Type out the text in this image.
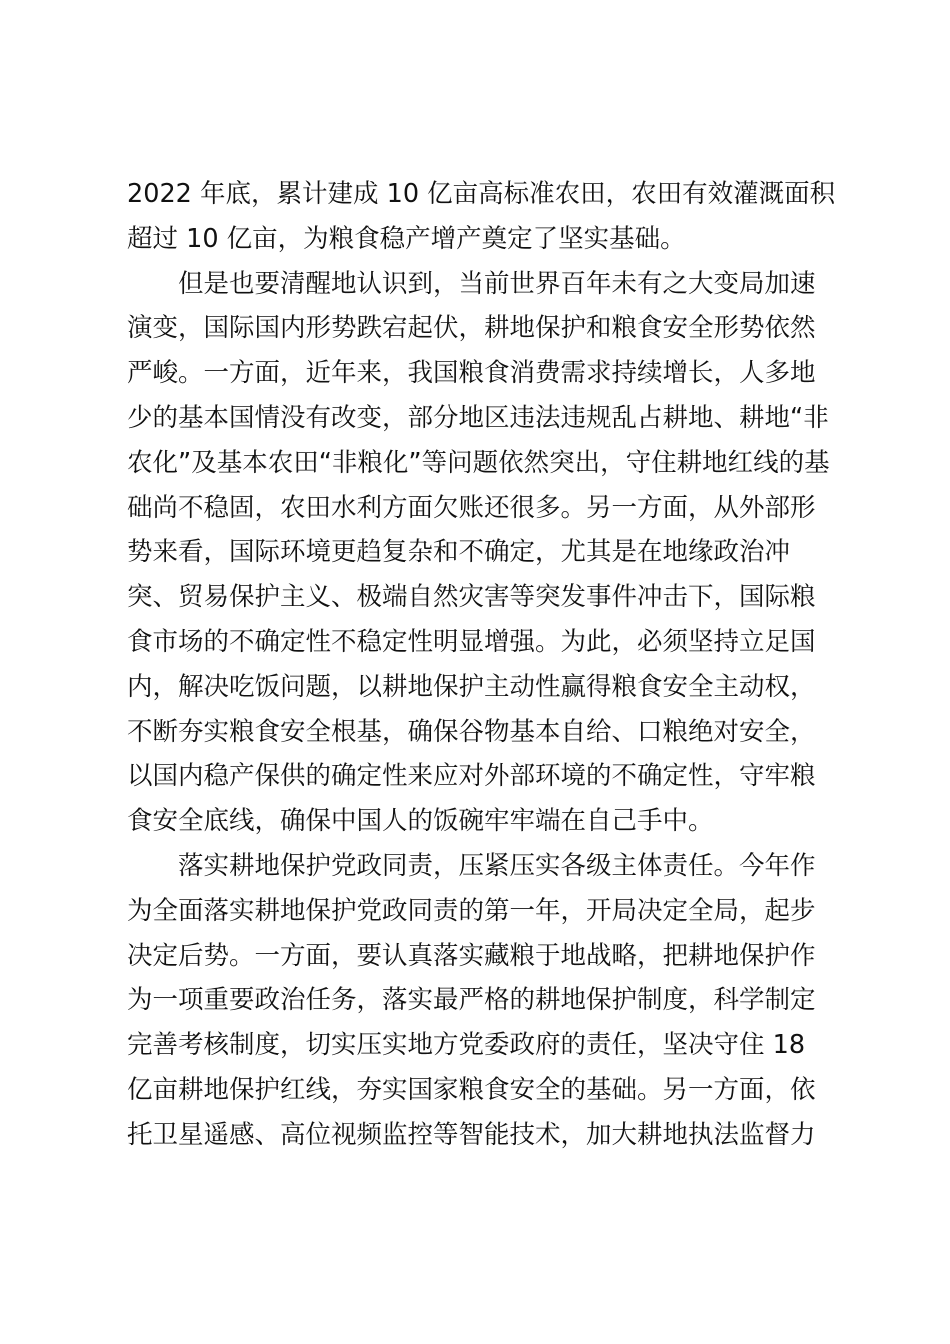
2022 年底，累计建成 10 亿亩高标准农田，农田有效灌溉面积
超过 10 亿亩，为粮食稳产增产奠定了坚实基础。
但是也要清醒地认识到，当前世界百年未有之大变局加速
演变，国际国内形势跌宕起伏，耕地保护和粮食安全形势依然
严峻。一方面，近年来，我国粮食消费需求持续增长，人多地
少的基本国情没有改变，部分地区违法违规乱占耕地、耕地“非
农化”及基本农田“非粮化”等问题依然突出，守住耕地红线的基
础尚不稳固，农田水利方面欠账还很多。另一方面，从外部形
势来看，国际环境更趋复杂和不确定，尤其是在地缘政治冲
突、贸易保护主义、极端自然灾害等突发事件冲击下，国际粮
食市场的不确定性不稳定性明显增强。为此，必须坚持立足国
内，解决吃饭问题，以耕地保护主动性赢得粮食安全主动权，
不断夯实粮食安全根基，确保谷物基本自给、口粮绝对安全，
以国内稳产保供的确定性来应对外部环境的不确定性，守牢粮
食安全底线，确保中国人的饭碗牢牢端在自己手中。
落实耕地保护党政同责，压紧压实各级主体责任。今年作
为全面落实耕地保护党政同责的第一年，开局决定全局，起步
决定后势。一方面，要认真落实藏粮于地战略，把耕地保护作
为一项重要政治任务，落实最严格的耕地保护制度，科学制定
完善考核制度，切实压实地方党委政府的责任，坚决守住 18
亿亩耕地保护红线，夯实国家粮食安全的基础。另一方面，依
托卫星遥感、高位视频监控等智能技术，加大耕地执法监督力
